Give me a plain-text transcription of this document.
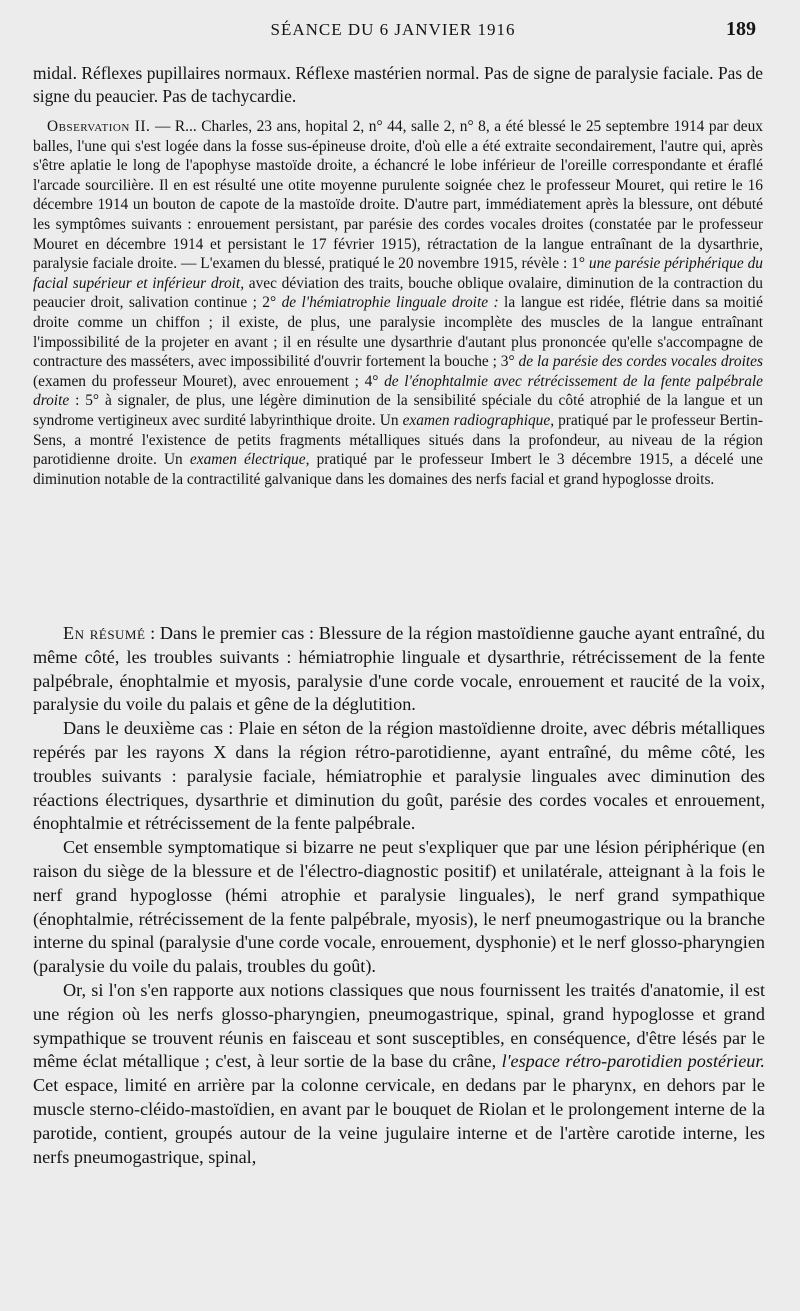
SÉANCE DU 6 JANVIER 1916	189

midal. Réflexes pupillaires normaux. Réflexe mastérien normal. Pas de signe de paralysie faciale. Pas de signe du peaucier. Pas de tachycardie.

Observation II. — R... Charles, 23 ans, hopital 2, n° 44, salle 2, n° 8, a été blessé le 25 septembre 1914 par deux balles, l'une qui s'est logée dans la fosse sus-épineuse droite, d'où elle a été extraite secondairement, l'autre qui, après s'être aplatie le long de l'apophyse mastoïde droite, a échancré le lobe inférieur de l'oreille correspondante et éraflé l'arcade sourcilière. Il en est résulté une otite moyenne purulente soignée chez le professeur Mouret, qui retire le 16 décembre 1914 un bouton de capote de la mastoïde droite. D'autre part, immédiatement après la blessure, ont débuté les symptômes suivants : enrouement persistant, par parésie des cordes vocales droites (constatée par le professeur Mouret en décembre 1914 et persistant le 17 février 1915), rétractation de la langue entraînant de la dysarthrie, paralysie faciale droite. — L'examen du blessé, pratiqué le 20 novembre 1915, révèle : 1° une parésie périphérique du facial supérieur et inférieur droit, avec déviation des traits, bouche oblique ovalaire, diminution de la contraction du peaucier droit, salivation continue ; 2° de l'hémiatrophie linguale droite : la langue est ridée, flétrie dans sa moitié droite comme un chiffon ; il existe, de plus, une paralysie incomplète des muscles de la langue entraînant l'impossibilité de la projeter en avant ; il en résulte une dysarthrie d'autant plus prononcée qu'elle s'accompagne de contracture des masséters, avec impossibilité d'ouvrir fortement la bouche ; 3° de la parésie des cordes vocales droites (examen du professeur Mouret), avec enrouement ; 4° de l'énophtalmie avec rétrécissement de la fente palpébrale droite : 5° à signaler, de plus, une légère diminution de la sensibilité spéciale du côté atrophié de la langue et un syndrome vertigineux avec surdité labyrinthique droite. Un examen radiographique, pratiqué par le professeur Bertin-Sens, a montré l'existence de petits fragments métalliques situés dans la profondeur, au niveau de la région parotidienne droite. Un examen électrique, pratiqué par le professeur Imbert le 3 décembre 1915, a décelé une diminution notable de la contractilité galvanique dans les domaines des nerfs facial et grand hypoglosse droits.

En résumé : Dans le premier cas : Blessure de la région mastoïdienne gauche ayant entraîné, du même côté, les troubles suivants : hémiatrophie linguale et dysarthrie, rétrécissement de la fente palpébrale, énophtalmie et myosis, paralysie d'une corde vocale, enrouement et raucité de la voix, paralysie du voile du palais et gêne de la déglutition.

Dans le deuxième cas : Plaie en séton de la région mastoïdienne droite, avec débris métalliques repérés par les rayons X dans la région rétro-parotidienne, ayant entraîné, du même côté, les troubles suivants : paralysie faciale, hémiatrophie et paralysie linguales avec diminution des réactions électriques, dysarthrie et diminution du goût, parésie des cordes vocales et enrouement, énophtalmie et rétrécissement de la fente palpébrale.

Cet ensemble symptomatique si bizarre ne peut s'expliquer que par une lésion périphérique (en raison du siège de la blessure et de l'électro-diagnostic positif) et unilatérale, atteignant à la fois le nerf grand hypoglosse (hémi atrophie et paralysie linguales), le nerf grand sympathique (énophtalmie, rétrécissement de la fente palpébrale, myosis), le nerf pneumogastrique ou la branche interne du spinal (paralysie d'une corde vocale, enrouement, dysphonie) et le nerf glosso-pharyngien (paralysie du voile du palais, troubles du goût).

Or, si l'on s'en rapporte aux notions classiques que nous fournissent les traités d'anatomie, il est une région où les nerfs glosso-pharyngien, pneumogastrique, spinal, grand hypoglosse et grand sympathique se trouvent réunis en faisceau et sont susceptibles, en conséquence, d'être lésés par le même éclat métallique ; c'est, à leur sortie de la base du crâne, l'espace rétro-parotidien postérieur. Cet espace, limité en arrière par la colonne cervicale, en dedans par le pharynx, en dehors par le muscle sterno-cléido-mastoïdien, en avant par le bouquet de Riolan et le prolongement interne de la parotide, contient, groupés autour de la veine jugulaire interne et de l'artère carotide interne, les nerfs pneumogastrique, spinal,
